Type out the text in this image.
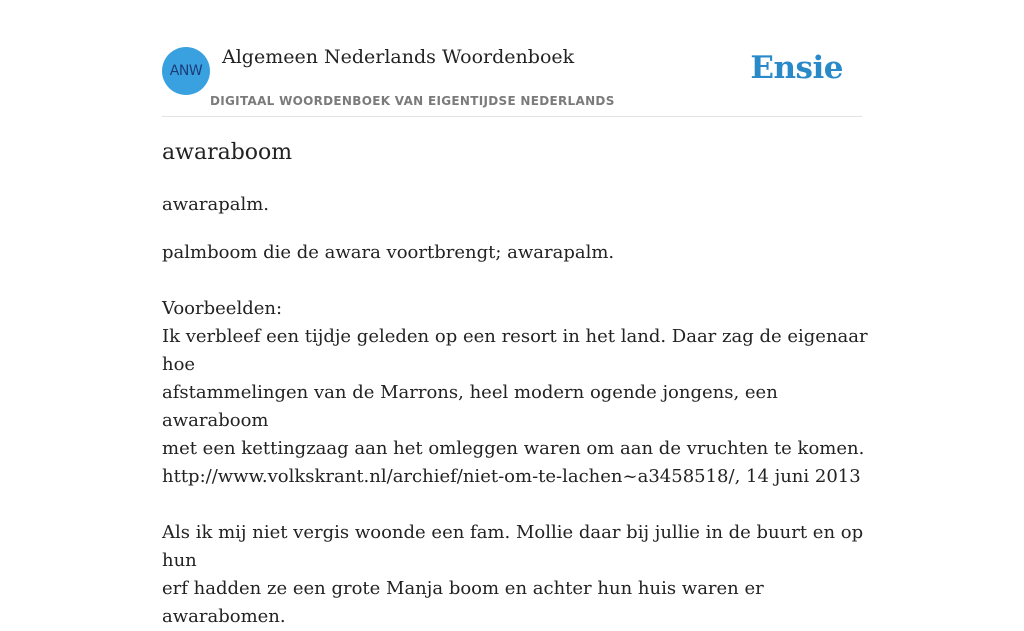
ANW
Algemeen Nederlands Woordenboek
DIGITAAL WOORDENBOEK VAN EIGENTIJDSE NEDERLANDS
Ensie
awaraboom
awarapalm.

palmboom die de awara voortbrengt; awarapalm.

Voorbeelden:

Ik verbleef een tijdje geleden op een resort in het land. Daar zag de eigenaar hoe

afstammelingen van de Marrons, heel modern ogende jongens, een awaraboom

met een kettingzaag aan het omleggen waren om aan de vruchten te komen.

http://www.volkskrant.nl/archief/niet-om-te-lachen~a3458518/, 14 juni 2013

Als ik mij niet vergis woonde een fam. Mollie daar bij jullie in de buurt en op hun

erf hadden ze een grote Manja boom en achter hun huis waren er awarabomen.
